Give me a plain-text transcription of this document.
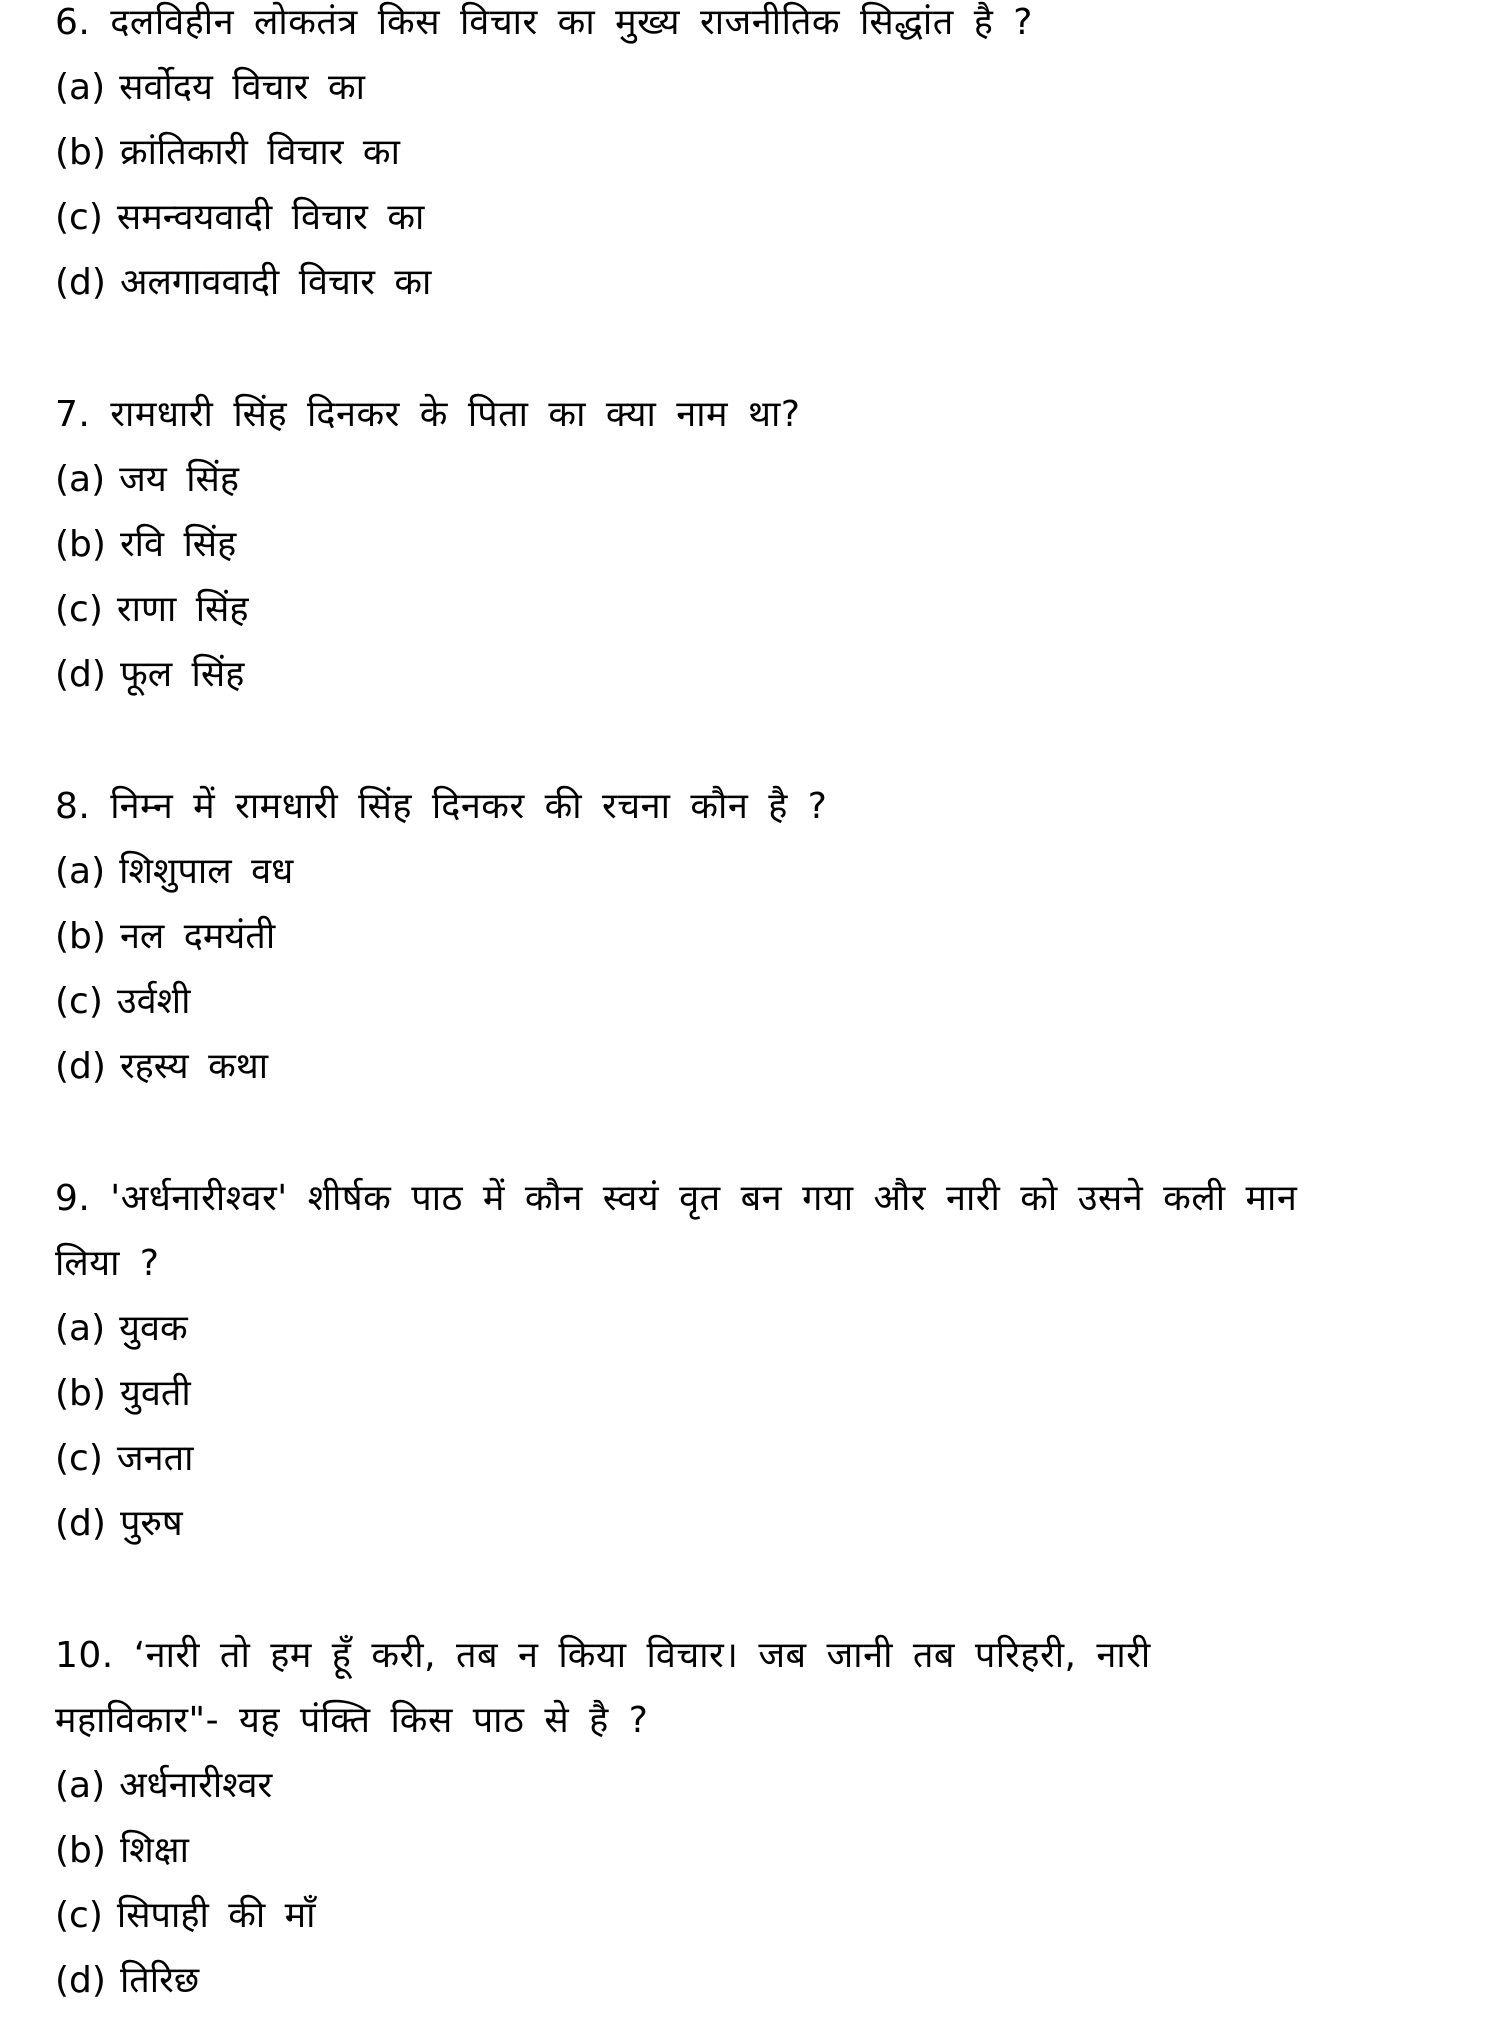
6. दलविहीन लोकतंत्र किस विचार का मुख्य राजनीतिक सिद्धांत है ?
(a) सर्वोदय विचार का
(b) क्रांतिकारी विचार का
(c) समन्वयवादी विचार का
(d) अलगाववादी विचार का
7. रामधारी सिंह दिनकर के पिता का क्या नाम था?
(a) जय सिंह
(b) रवि सिंह
(c) राणा सिंह
(d) फूल सिंह
8. निम्न में रामधारी सिंह दिनकर की रचना कौन है ?
(a) शिशुपाल वध
(b) नल दमयंती
(c) उर्वशी
(d) रहस्य कथा
9. 'अर्धनारीश्वर' शीर्षक पाठ में कौन स्वयं वृत बन गया और नारी को उसने कली मान
लिया ?
(a) युवक
(b) युवती
(c) जनता
(d) पुरुष
10. ‘नारी तो हम हूँ करी, तब न किया विचार। जब जानी तब परिहरी, नारी
महाविकार"- यह पंक्ति किस पाठ से है ?
(a) अर्धनारीश्वर
(b) शिक्षा
(c) सिपाही की माँ
(d) तिरिछ
